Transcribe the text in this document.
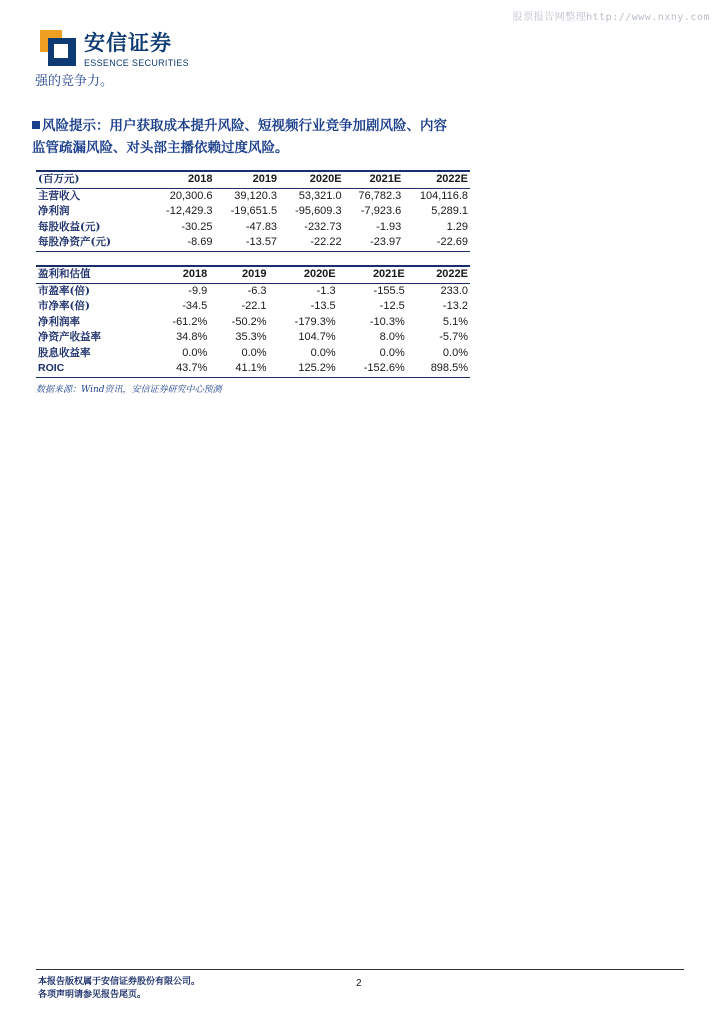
股票报告网整理http://www.nxny.com
安信证券
ESSENCE SECURITIES
强的竞争力。
风险提示：用户获取成本提升风险、短视频行业竞争加剧风险、内容
监管疏漏风险、对头部主播依赖过度风险。
(百万元)	2018	2019	2020E	2021E	2022E
主营收入	20,300.6	39,120.3	53,321.0	76,782.3	104,116.8
净利润	-12,429.3	-19,651.5	-95,609.3	-7,923.6	5,289.1
每股收益(元)	-30.25	-47.83	-232.73	-1.93	1.29
每股净资产(元)	-8.69	-13.57	-22.22	-23.97	-22.69
盈利和估值	2018	2019	2020E	2021E	2022E
市盈率(倍)	-9.9	-6.3	-1.3	-155.5	233.0
市净率(倍)	-34.5	-22.1	-13.5	-12.5	-13.2
净利润率	-61.2%	-50.2%	-179.3%	-10.3%	5.1%
净资产收益率	34.8%	35.3%	104.7%	8.0%	-5.7%
股息收益率	0.0%	0.0%	0.0%	0.0%	0.0%
ROIC	43.7%	41.1%	125.2%	-152.6%	898.5%
数据来源：Wind资讯，安信证券研究中心预测
本报告版权属于安信证券股份有限公司。
各项声明请参见报告尾页。
2
